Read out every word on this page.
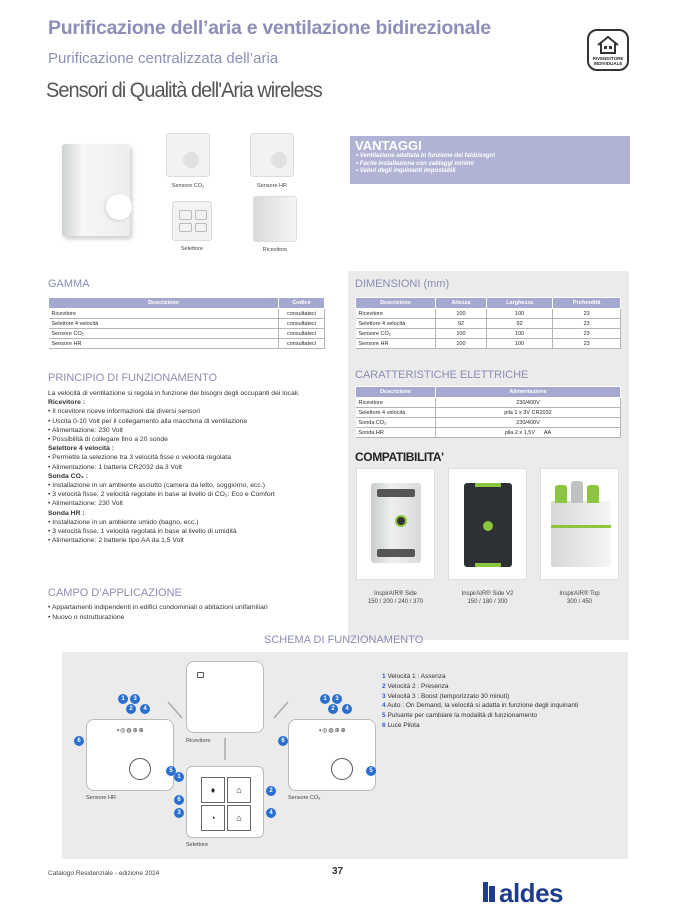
Purificazione dell’aria e ventilazione bidirezionale
Purificazione centralizzata dell’aria
Sensori di Qualità dell'Aria wireless
RIVENDITORE INDIVIDUALE
Sensore CO₂	Sensore HR
Selettore	Ricevitore
VANTAGGI
• Ventilazione adattata in funzione dei fabbisogni
• Facile installazione con cablaggi minimi
• Valori degli inquinanti impostabili
GAMMA
Descrizione	Codice
Ricevitore	consultateci
Selettore 4 velocità	consultateci
Sensore CO₂	consultateci
Sensore HR	consultateci
DIMENSIONI (mm)
Descrizione	Altezza	Larghezza	Profondità
Ricevitore	100	100	23
Selettore 4 velocità	92	92	23
Sensore CO₂	100	100	23
Sensore HR	100	100	23
CARATTERISTICHE ELETTRICHE
Descrizione	Alimentazione
Ricevitore	230/400V
Selettore 4 velocità	pila 1 x 3V CR2032
Sonda CO₂	230/400V
Sonda HR	pila 2 x 1,5V      AA
COMPATIBILITA'
InspirAIR® Side
150 / 200 / 240 / 370
InspirAIR® Side V2
150 / 180 / 300
InspirAIR® Top
300 / 450
PRINCIPIO DI FUNZIONAMENTO
La velocità di ventilazione si regola in funzione dei bisogni degli occupanti dei locali.
Ricevitore :
• Il ricevitore riceve informazioni dai diversi sensori
• Uscita 0-10 Volt per il collegamento alla macchina di ventilazione
• Alimentazione: 230 Volt
• Possibilità di collegare fino a 20 sonde
Selettore 4 velocità :
• Permette la selezione tra 3 velocità fisse o velocità regolata
• Alimentazione: 1 batteria CR2032 da 3 Volt
Sonda CO₂ :
• Installazione in un ambiente asciutto (camera da letto, soggiorno, ecc.)
• 3 velocità fisse, 2 velocità regolate in base al livello di CO₂: Eco e Comfort
• Alimentazione: 230 Volt
Sonda HR :
• Installazione in un ambiente umido (bagno, ecc.)
• 3 velocità fisse, 1 velocità regolata in base al livello di umidità
• Alimentazione: 2 batterie tipo AA da 1,5 Volt
CAMPO D’APPLICAZIONE
• Appartamenti indipendenti in edifici condominiali o abitazioni unifamiliari
• Nuovo o ristrutturazione
SCHEMA DI FUNZIONAMENTO
Ricevitore
▪◎◍⊛⊕
Sensore HR
▪◎◍⊛⊕
Sensore CO₂
♦	⌂
◔	⌂
Selettore
1	3
2	4
6
5
1	3
2	4
6
5
1
6
3
2
4
1 Velocità 1 : Assenza
2 Velocità 2 : Presenza
3 Velocità 3 : Boost (temporizzato 30 minuti)
4 Auto : On Demand, la velocità si adatta in funzione degli inquinanti
5 Pulsante per cambiare la modalità di funzionamento
6 Luce Pilota
Catalogo Residenziale - edizione 2024	37
aldes
